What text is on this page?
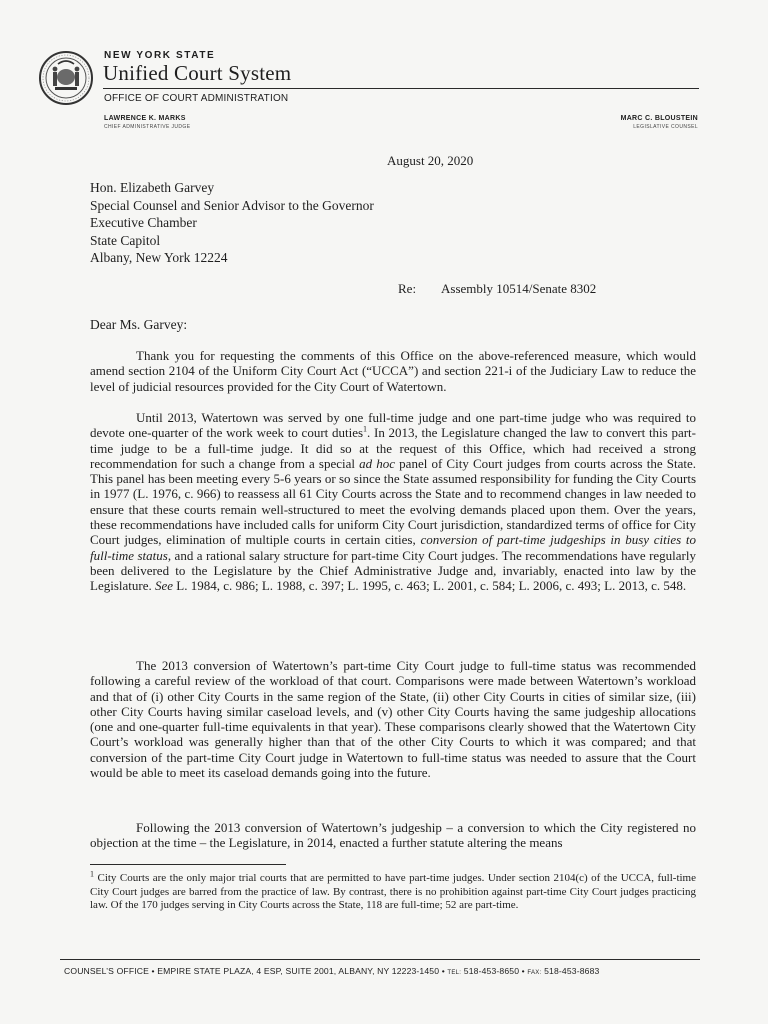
NEW YORK STATE
Unified Court System
OFFICE OF COURT ADMINISTRATION
LAWRENCE K. MARKS
CHIEF ADMINISTRATIVE JUDGE
MARC C. BLOUSTEIN
LEGISLATIVE COUNSEL
August 20, 2020
Hon. Elizabeth Garvey
Special Counsel and Senior Advisor to the Governor
Executive Chamber
State Capitol
Albany, New York 12224
Re: Assembly 10514/Senate 8302
Dear Ms. Garvey:

Thank you for requesting the comments of this Office on the above-referenced measure, which would amend section 2104 of the Uniform City Court Act (“UCCA”) and section 221-i of the Judiciary Law to reduce the level of judicial resources provided for the City Court of Watertown.

Until 2013, Watertown was served by one full-time judge and one part-time judge who was required to devote one-quarter of the work week to court duties$^1$. In 2013, the Legislature changed the law to convert this part-time judge to be a full-time judge. It did so at the request of this Office, which had received a strong recommendation for such a change from a special ad hoc panel of City Court judges from courts across the State. This panel has been meeting every 5-6 years or so since the State assumed responsibility for funding the City Courts in 1977 (L. 1976, c. 966) to reassess all 61 City Courts across the State and to recommend changes in law needed to ensure that these courts remain well-structured to meet the evolving demands placed upon them. Over the years, these recommendations have included calls for uniform City Court jurisdiction, standardized terms of office for City Court judges, elimination of multiple courts in certain cities, conversion of part-time judgeships in busy cities to full-time status, and a rational salary structure for part-time City Court judges. The recommendations have regularly been delivered to the Legislature by the Chief Administrative Judge and, invariably, enacted into law by the Legislature. See L. 1984, c. 986; L. 1988, c. 397; L. 1995, c. 463; L. 2001, c. 584; L. 2006, c. 493; L. 2013, c. 548.

The 2013 conversion of Watertown’s part-time City Court judge to full-time status was recommended following a careful review of the workload of that court. Comparisons were made between Watertown’s workload and that of (i) other City Courts in the same region of the State, (ii) other City Courts in cities of similar size, (iii) other City Courts having similar caseload levels, and (v) other City Courts having the same judgeship allocations (one and one-quarter full-time equivalents in that year). These comparisons clearly showed that the Watertown City Court’s workload was generally higher than that of the other City Courts to which it was compared; and that conversion of the part-time City Court judge in Watertown to full-time status was needed to assure that the Court would be able to meet its caseload demands going into the future.

Following the 2013 conversion of Watertown’s judgeship – a conversion to which the City registered no objection at the time – the Legislature, in 2014, enacted a further statute altering the means

$^1$ City Courts are the only major trial courts that are permitted to have part-time judges. Under section 2104(c) of the UCCA, full-time City Court judges are barred from the practice of law. By contrast, there is no prohibition against part-time City Court judges practicing law. Of the 170 judges serving in City Courts across the State, 118 are full-time; 52 are part-time.
COUNSEL’S OFFICE • EMPIRE STATE PLAZA, 4 ESP, SUITE 2001, ALBANY, NY 12223-1450 • TEL: 518-453-8650 • FAX: 518-453-8683
